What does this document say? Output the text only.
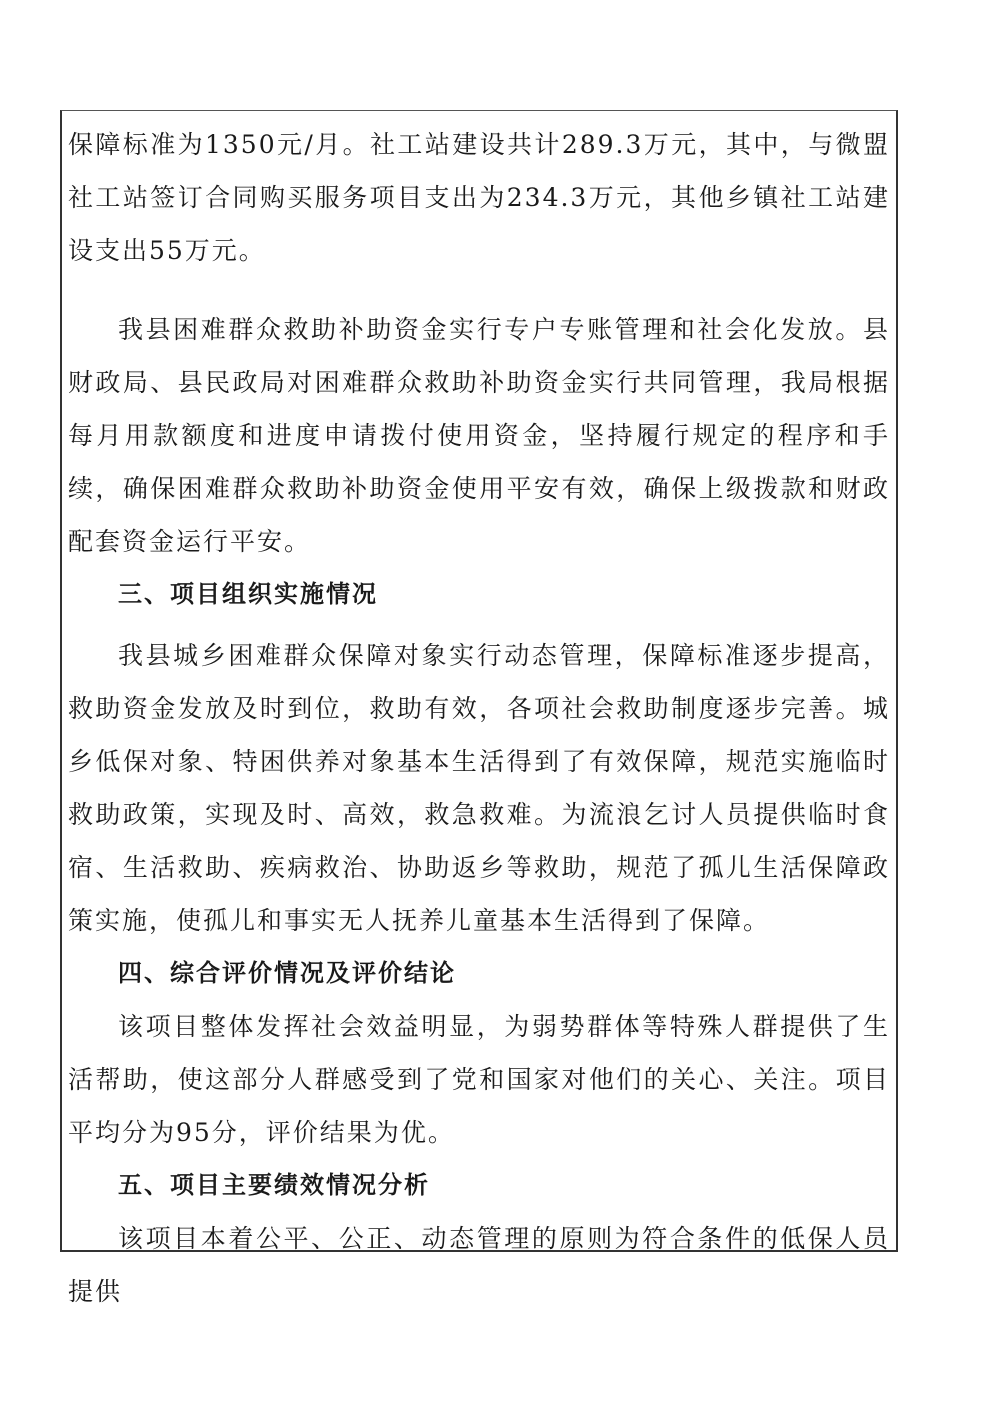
保障标准为1350元/月。社工站建设共计289.3万元，其中，与微盟社工站签订合同购买服务项目支出为234.3万元，其他乡镇社工站建设支出55万元。

我县困难群众救助补助资金实行专户专账管理和社会化发放。县财政局、县民政局对困难群众救助补助资金实行共同管理，我局根据每月用款额度和进度申请拨付使用资金，坚持履行规定的程序和手续，确保困难群众救助补助资金使用平安有效，确保上级拨款和财政配套资金运行平安。

三、项目组织实施情况

我县城乡困难群众保障对象实行动态管理，保障标准逐步提高，救助资金发放及时到位，救助有效，各项社会救助制度逐步完善。城乡低保对象、特困供养对象基本生活得到了有效保障，规范实施临时救助政策，实现及时、高效，救急救难。为流浪乞讨人员提供临时食宿、生活救助、疾病救治、协助返乡等救助，规范了孤儿生活保障政策实施，使孤儿和事实无人抚养儿童基本生活得到了保障。

四、综合评价情况及评价结论

该项目整体发挥社会效益明显，为弱势群体等特殊人群提供了生活帮助，使这部分人群感受到了党和国家对他们的关心、关注。项目平均分为95分，评价结果为优。

五、项目主要绩效情况分析

该项目本着公平、公正、动态管理的原则为符合条件的低保人员提供
